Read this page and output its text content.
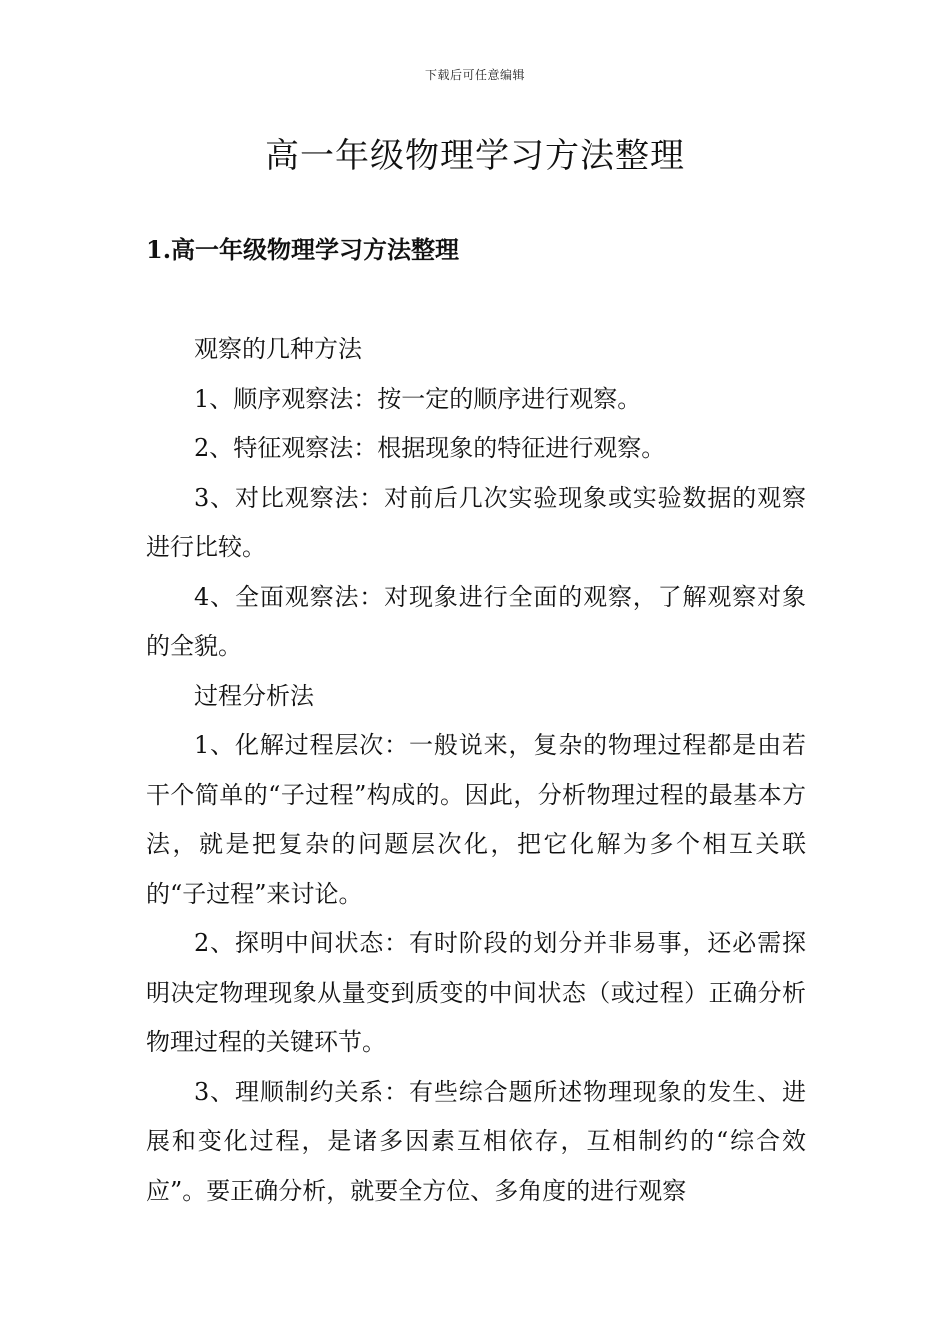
下载后可任意编辑
高一年级物理学习方法整理
1.高一年级物理学习方法整理

观察的几种方法

1、顺序观察法：按一定的顺序进行观察。

2、特征观察法：根据现象的特征进行观察。

3、对比观察法：对前后几次实验现象或实验数据的观察进行比较。

4、全面观察法：对现象进行全面的观察，了解观察对象的全貌。

过程分析法

1、化解过程层次：一般说来，复杂的物理过程都是由若干个简单的“子过程”构成的。因此，分析物理过程的最基本方法，就是把复杂的问题层次化，把它化解为多个相互关联的“子过程”来讨论。

2、探明中间状态：有时阶段的划分并非易事，还必需探明决定物理现象从量变到质变的中间状态（或过程）正确分析物理过程的关键环节。

3、理顺制约关系：有些综合题所述物理现象的发生、进展和变化过程，是诸多因素互相依存，互相制约的“综合效应”。要正确分析，就要全方位、多角度的进行观察
